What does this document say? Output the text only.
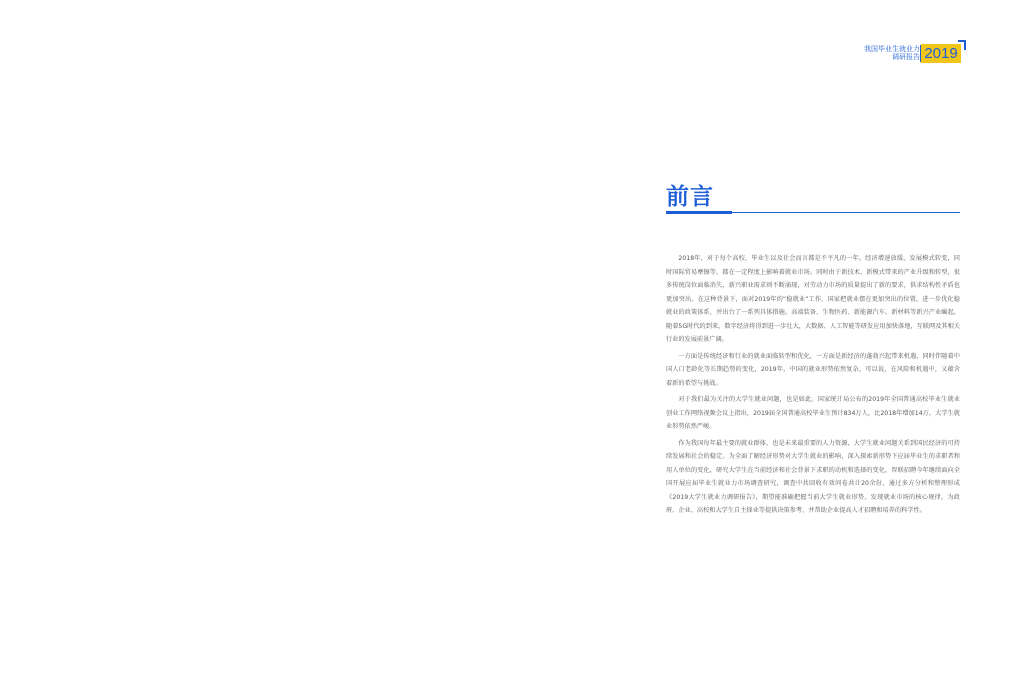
我国毕业生就业力
调研报告 2019
前言

2018年，对于每个高校、毕业生以及社会而言都是不平凡的一年。经济增速放缓、发展模式转变，同时国际贸易摩擦等，都在一定程度上影响着就业市场。同时由于新技术、新模式带来的产业升级和转型，很多传统岗位面临消失，新兴职业需求则不断涌现，对劳动力市场的质量提出了新的要求，供求结构性矛盾也更加突出。在这种背景下，面对2019年的“稳就业”工作，国家把就业摆在更加突出的位置，进一步优化稳就业的政策体系，并出台了一系列具体措施。高端装备、生物医药、新能源汽车、新材料等新兴产业崛起，随着5G时代的到来，数字经济将得到进一步壮大，大数据、人工智能等研发应用加快落地，互联网及其相关行业的发展前景广阔。

一方面是传统经济和行业的就业面临转型和优化，一方面是新经济的蓬勃兴起带来机遇，同时伴随着中国人口老龄化等长期趋势的变化，2019年，中国的就业形势依然复杂，可以说，在风险和机遇中，又蕴含着新的希望与挑战。

对于我们最为关注的大学生就业问题，也是如此。国家统计局公布的2019年全国普通高校毕业生就业创业工作网络视频会议上指出，2019届全国普通高校毕业生预计834万人，比2018年增加14万，大学生就业形势依然严峻。

作为我国每年最主要的就业群体，也是未来最重要的人力资源，大学生就业问题关系到国民经济的可持续发展和社会的稳定。为全面了解经济形势对大学生就业的影响，深入探索新形势下应届毕业生的求职者和用人单位的变化，研究大学生在当前经济和社会背景下求职的动机和选择的变化，智联招聘今年继续面向全国开展应届毕业生就业力市场调查研究，调查中共回收有效问卷共计20余份，通过多方分析和整理形成《2019大学生就业力调研报告》，期望能准确把握当前大学生就业形势，发现就业市场的核心规律，为政府、企业、高校和大学生自主择业等提供决策参考，并帮助企业提高人才招聘和培养的科学性。
